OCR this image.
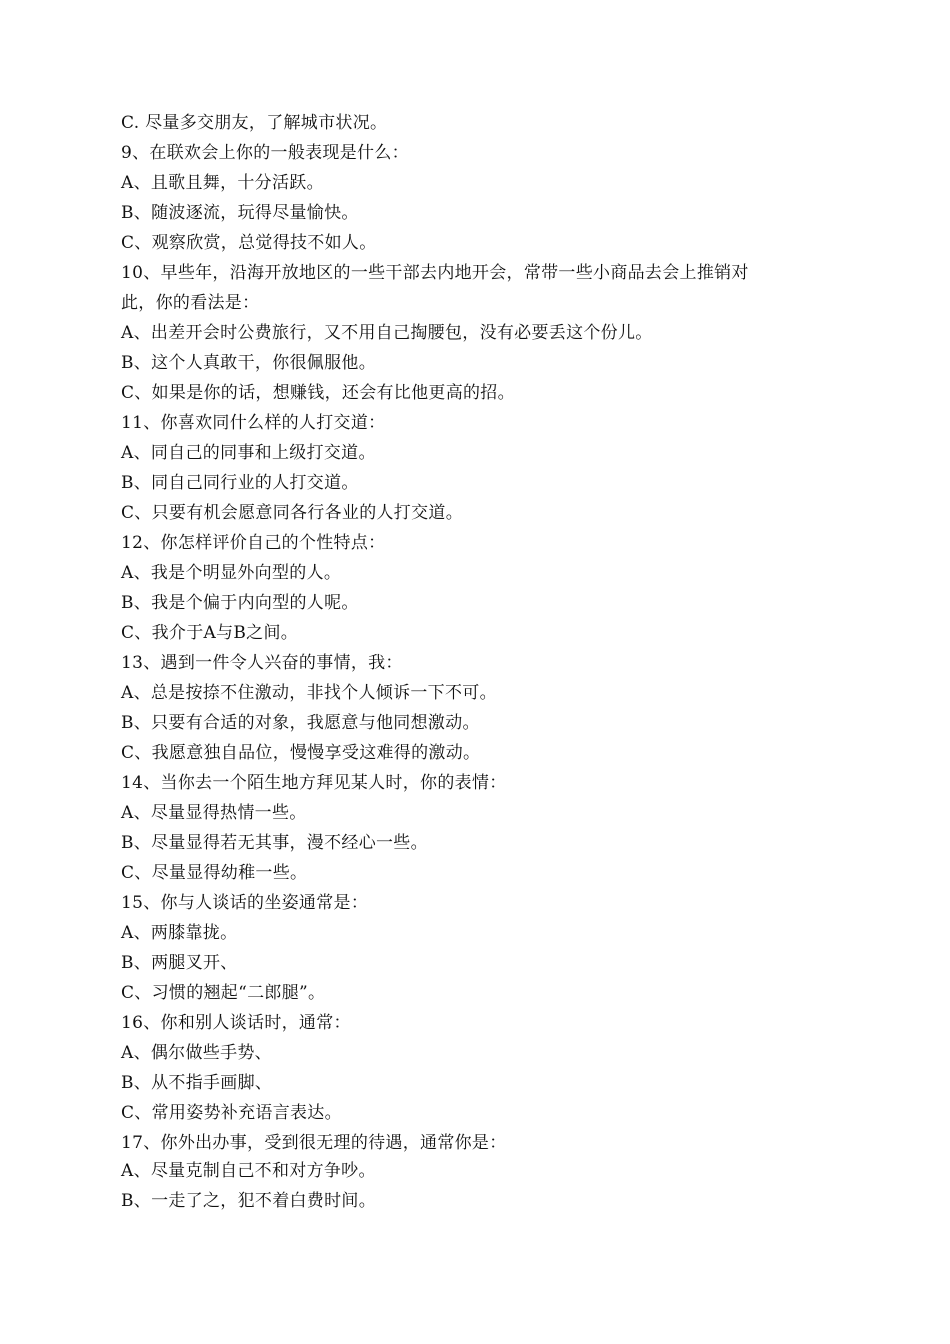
C. 尽量多交朋友，了解城市状况。
9、在联欢会上你的一般表现是什么：
A、且歌且舞，十分活跃。
B、随波逐流，玩得尽量愉快。
C、观察欣赏，总觉得技不如人。
10、早些年，沿海开放地区的一些干部去内地开会，常带一些小商品去会上推销对
此，你的看法是：
A、出差开会时公费旅行，又不用自己掏腰包，没有必要丢这个份儿。
B、这个人真敢干，你很佩服他。
C、如果是你的话，想赚钱，还会有比他更高的招。
11、你喜欢同什么样的人打交道：
A、同自己的同事和上级打交道。
B、同自己同行业的人打交道。
C、只要有机会愿意同各行各业的人打交道。
12、你怎样评价自己的个性特点：
A、我是个明显外向型的人。
B、我是个偏于内向型的人呢。
C、我介于A与B之间。
13、遇到一件令人兴奋的事情，我：
A、总是按捺不住激动，非找个人倾诉一下不可。
B、只要有合适的对象，我愿意与他同想激动。
C、我愿意独自品位，慢慢享受这难得的激动。
14、当你去一个陌生地方拜见某人时，你的表情：
A、尽量显得热情一些。
B、尽量显得若无其事，漫不经心一些。
C、尽量显得幼稚一些。
15、你与人谈话的坐姿通常是：
A、两膝靠拢。
B、两腿叉开、
C、习惯的翘起“二郎腿”。
16、你和别人谈话时，通常：
A、偶尔做些手势、
B、从不指手画脚、
C、常用姿势补充语言表达。
17、你外出办事，受到很无理的待遇，通常你是：
A、尽量克制自己不和对方争吵。
B、一走了之，犯不着白费时间。
